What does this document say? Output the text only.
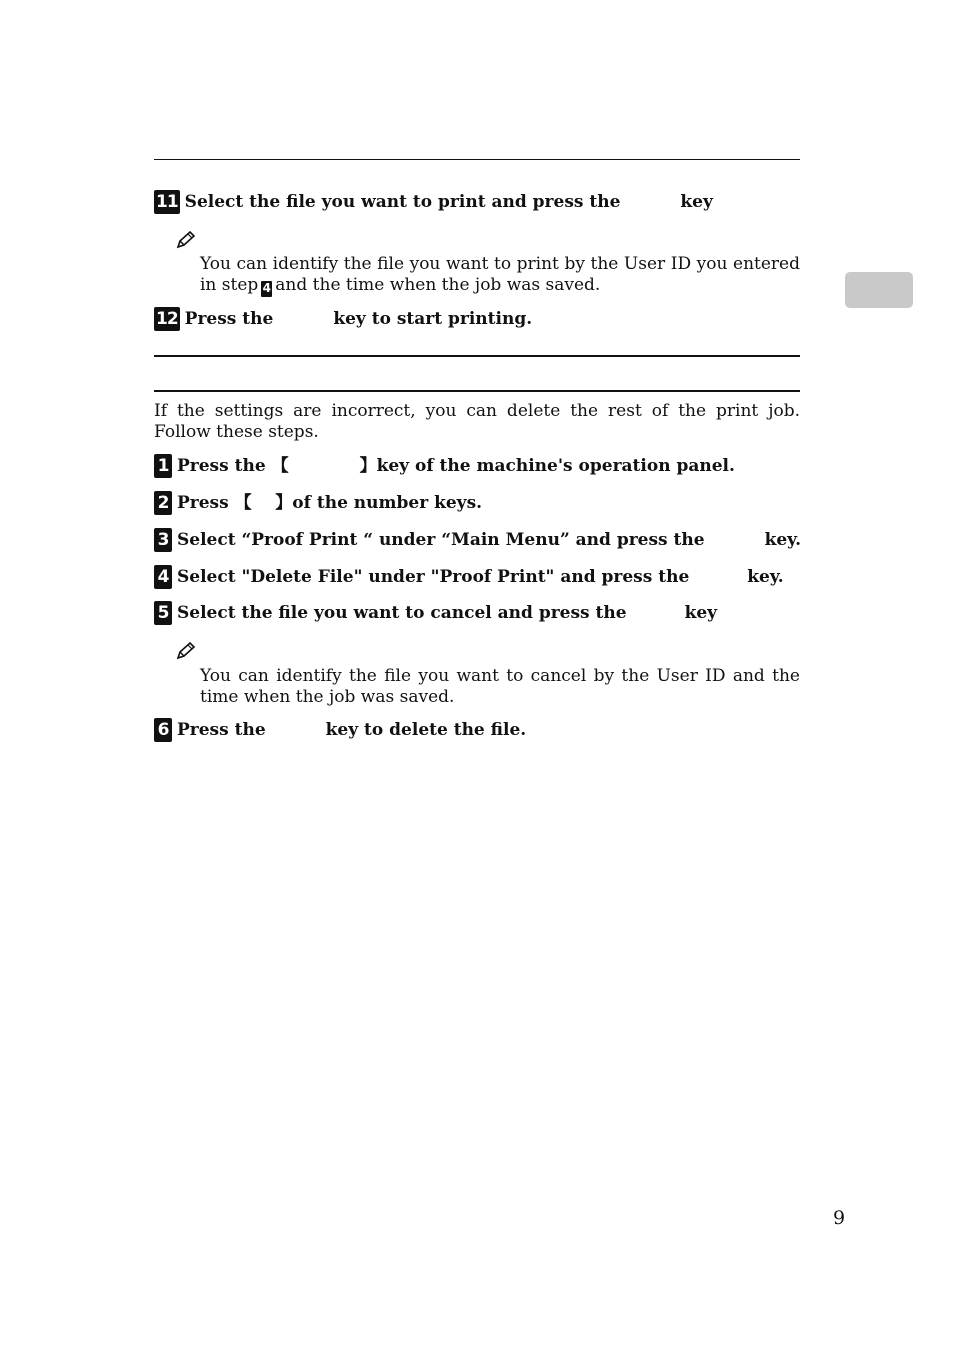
11 Select the file you want to print and press the	key
You can identify the file you want to print by the User ID you entered in step 4 and the time when the job was saved.
12 Press the	key to start printing.
If the settings are incorrect, you can delete the rest of the print job. Follow these steps.
1 Press the 【            】key of the machine's operation panel.
2 Press 【    】of the number keys.
3 Select “Proof Print “ under “Main Menu” and press the	key.
4 Select "Delete File" under "Proof Print" and press the	key.
5 Select the file you want to cancel and press the	key
You can identify the file you want to cancel by the User ID and the time when the job was saved.
6 Press the	key to delete the file.
9
